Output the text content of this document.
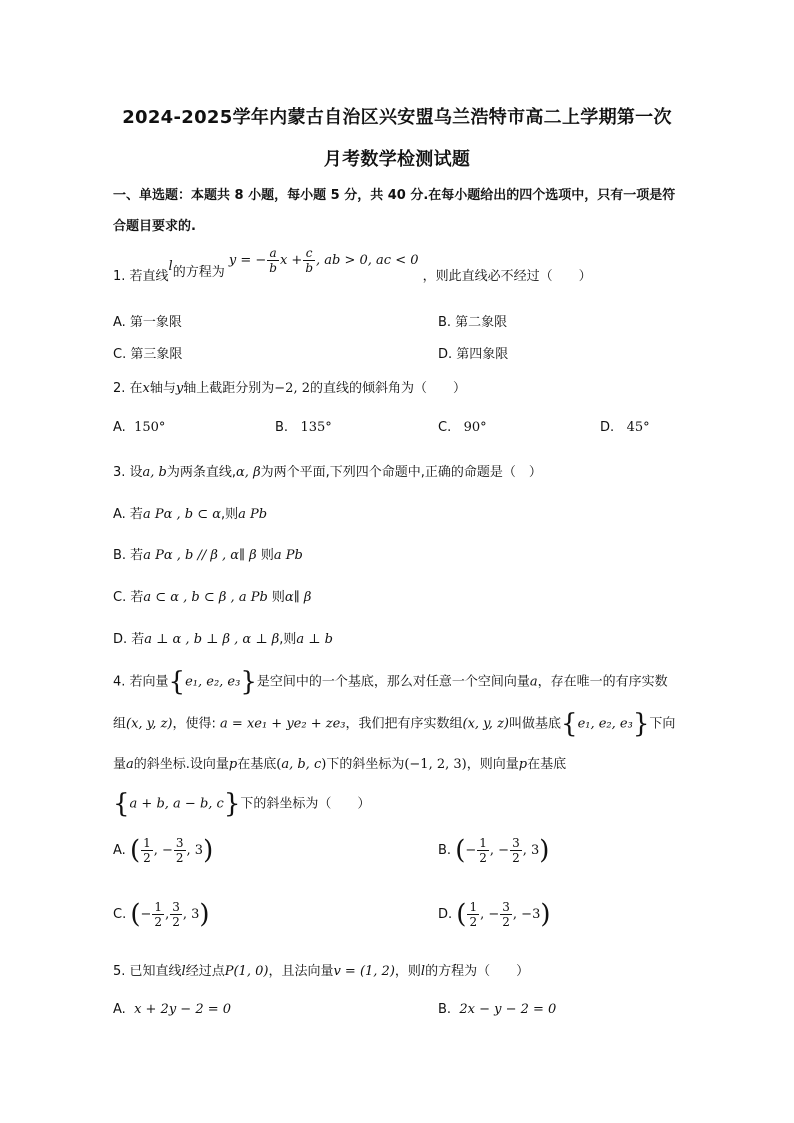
2024-2025学年内蒙古自治区兴安盟乌兰浩特市高二上学期第一次
月考数学检测试题
一、单选题：本题共 8 小题，每小题 5 分，共 40 分.在每小题给出的四个选项中，只有一项是符合题目要求的.
1. 若直线l的方程为 y = − $\frac{a}{b}$ $x + \frac{c}{b}$ , ab > 0, ac < 0 ，则此直线必不经过（　　）
A. 第一象限	B. 第二象限
C. 第三象限	D. 第四象限
2. 在x轴与y轴上截距分别为−2, 2的直线的倾斜角为（　　）
A. 150°	B. 135°	C. 90°	D. 45°
3. 设a, b为两条直线,α, β为两个平面,下列四个命题中,正确的命题是（　）
A. 若a Pα , b ⊂ α,则a Pb
B. 若a Pα , b // β , α∥ β 则a Pb
C. 若a ⊂ α , b ⊂ β , a Pb 则α∥ β
D. 若a ⊥ α , b ⊥ β , α ⊥ β,则a ⊥ b
4. 若向量{e₁, e₂, e₃}是空间中的一个基底，那么对任意一个空间向量a，存在唯一的有序实数
组(x, y, z)，使得: a = xe₁ + ye₂ + ze₃，我们把有序实数组(x, y, z)叫做基底{e₁, e₂, e₃}下向
量a的斜坐标.设向量p在基底(a, b, c)下的斜坐标为(−1, 2, 3)，则向量p在基底
{a + b, a − b, c}下的斜坐标为（　　）
A. ( $\frac{1}{2}$ , − $\frac{3}{2}$ , 3)	B. (− $\frac{1}{2}$ , − $\frac{3}{2}$ , 3)
C. (− $\frac{1}{2}$ , $\frac{3}{2}$ , 3)	D. ( $\frac{1}{2}$ , − $\frac{3}{2}$ , −3)
5. 已知直线l经过点P(1, 0)，且法向量v = (1, 2)，则l的方程为（　　）
A. x + 2y − 2 = 0	B. 2x − y − 2 = 0
